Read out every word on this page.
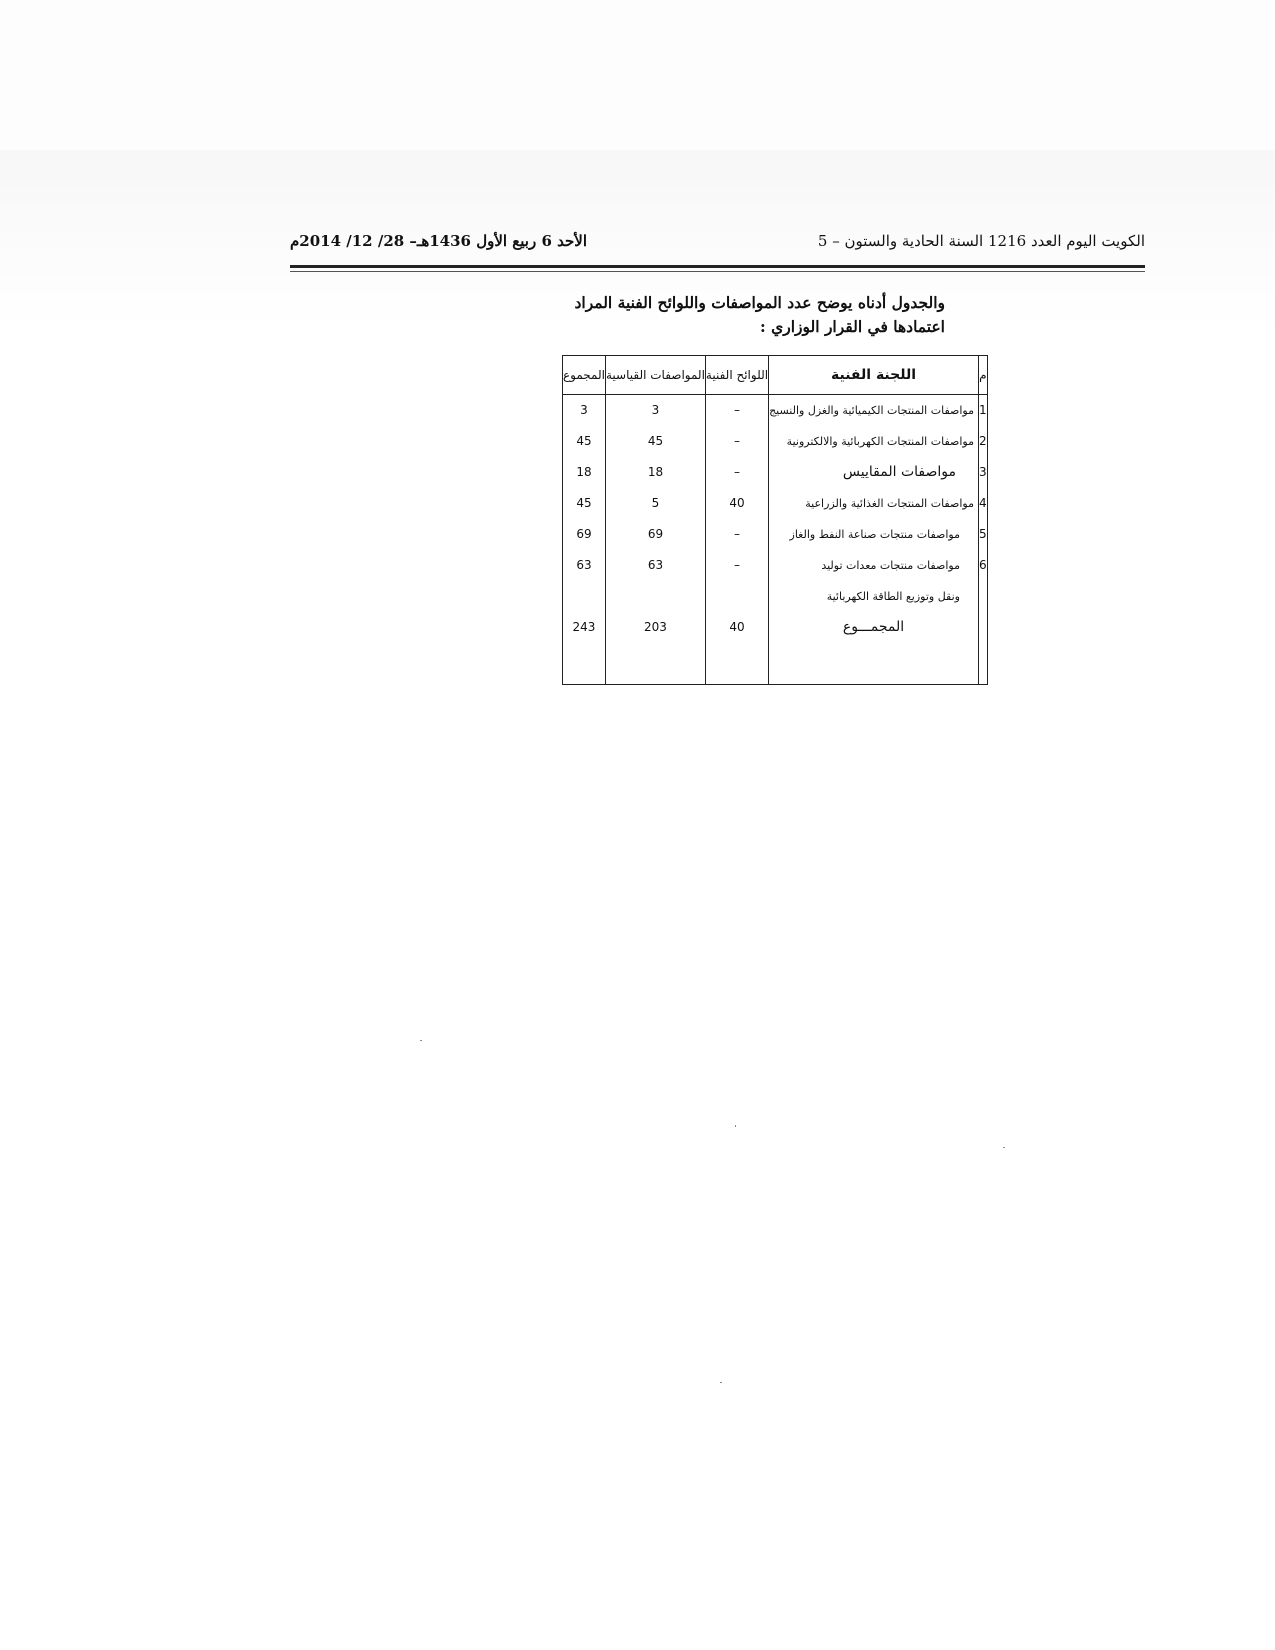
الكويت اليوم العدد 1216 السنة الحادية والستون – 5
الأحد 6 ربيع الأول 1436هـ– 28/ 12/ 2014م
والجدول أدناه يوضح عدد المواصفات واللوائح الفنية المراد
اعتمادها في القرار الوزاري :
م	اللجنة الفنية	اللوائح الفنية	المواصفات القياسية	المجموع
1	مواصفات المنتجات الكيميائية والغزل والنسيج	–	3	3
2	مواصفات المنتجات الكهربائية والالكترونية	–	45	45
3	مواصفات المقاييس	–	18	18
4	مواصفات المنتجات الغذائية والزراعية	40	5	45
5	مواصفات منتجات صناعة النفط والغاز	–	69	69
6	مواصفات منتجات معدات توليد	–	63	63
	ونقل وتوزيع الطاقة الكهربائية			
	المجمـــوع	40	203	243
